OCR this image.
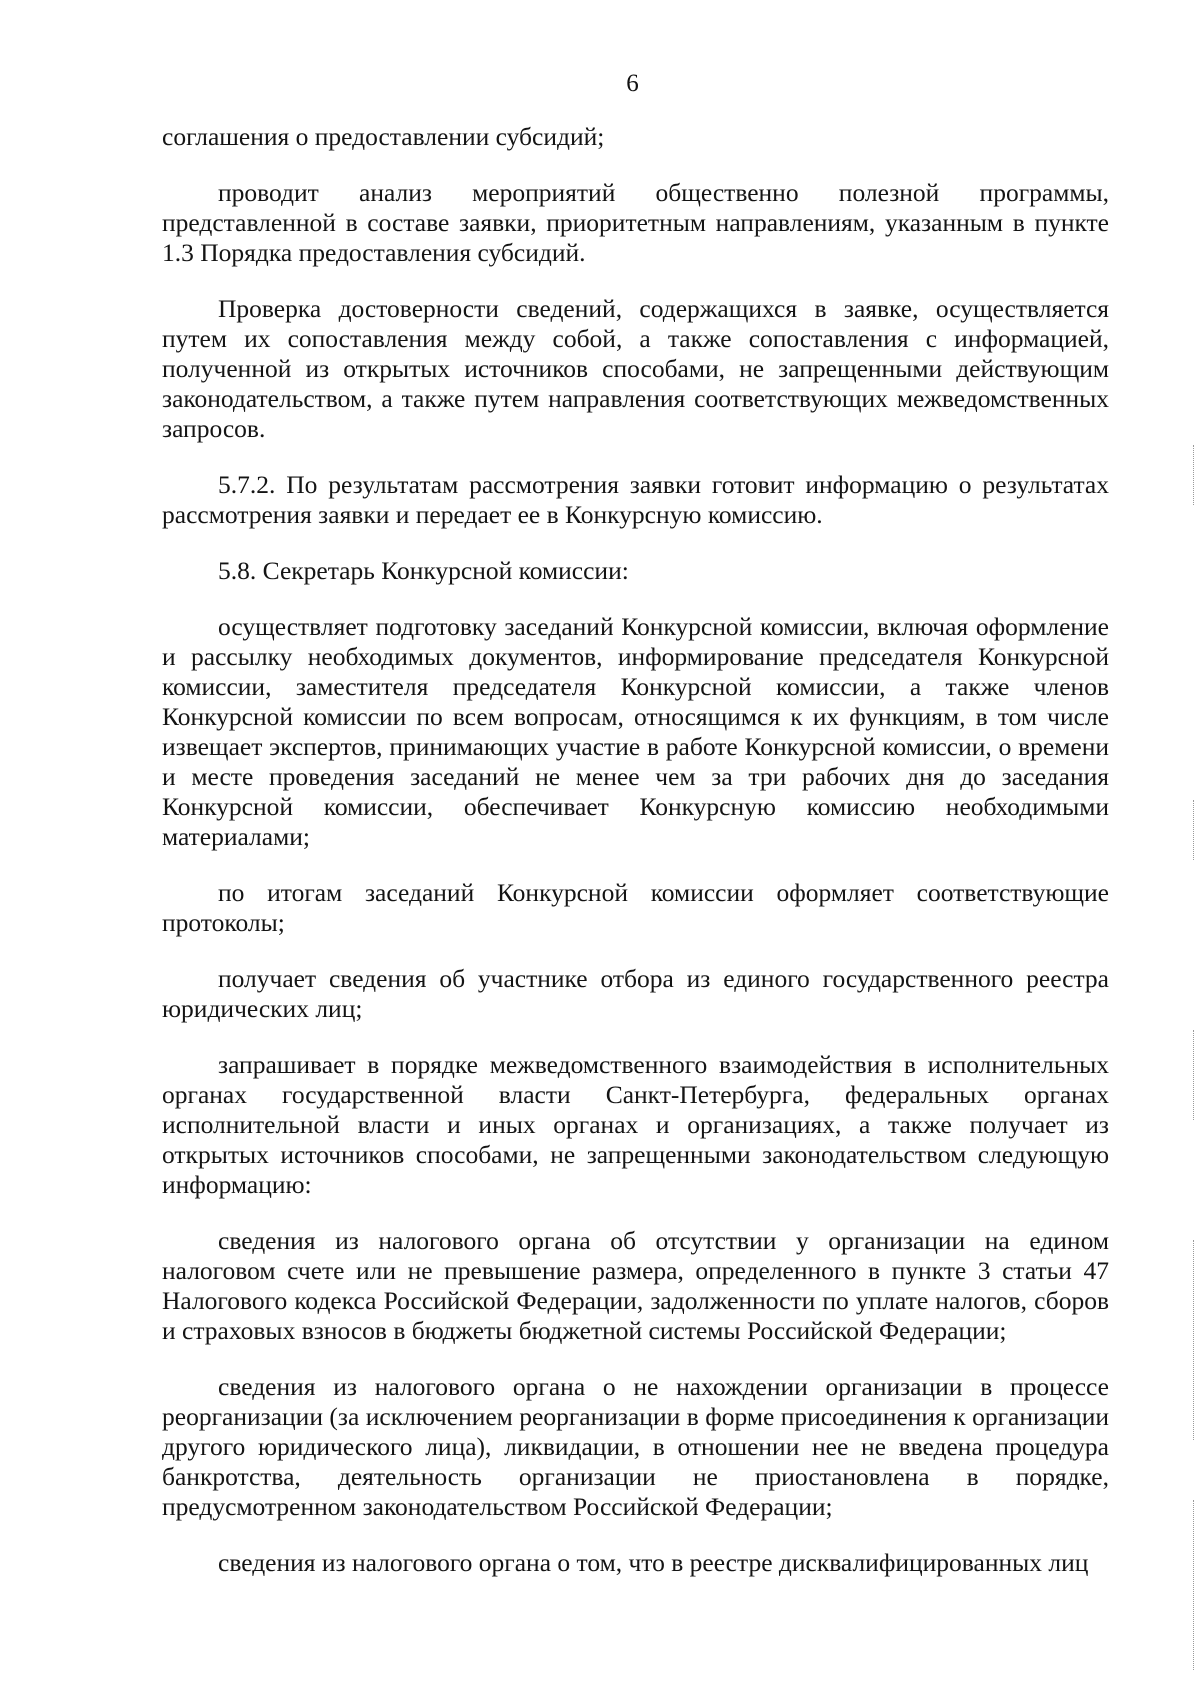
6

соглашения о предоставлении субсидий;

проводит анализ мероприятий общественно полезной программы, представленной в составе заявки, приоритетным направлениям, указанным в пункте 1.3 Порядка предоставления субсидий.

Проверка достоверности сведений, содержащихся в заявке, осуществляется путем их сопоставления между собой, а также сопоставления с информацией, полученной из открытых источников способами, не запрещенными действующим законодательством, а также путем направления соответствующих межведомственных запросов.

5.7.2. По результатам рассмотрения заявки готовит информацию о результатах рассмотрения заявки и передает ее в Конкурсную комиссию.

5.8. Секретарь Конкурсной комиссии:

осуществляет подготовку заседаний Конкурсной комиссии, включая оформление и рассылку необходимых документов, информирование председателя Конкурсной комиссии, заместителя председателя Конкурсной комиссии, а также членов Конкурсной комиссии по всем вопросам, относящимся к их функциям, в том числе извещает экспертов, принимающих участие в работе Конкурсной комиссии, о времени и месте проведения заседаний не менее чем за три рабочих дня до заседания Конкурсной комиссии, обеспечивает Конкурсную комиссию необходимыми материалами;

по итогам заседаний Конкурсной комиссии оформляет соответствующие протоколы;

получает сведения об участнике отбора из единого государственного реестра юридических лиц;

запрашивает в порядке межведомственного взаимодействия в исполнительных органах государственной власти Санкт-Петербурга, федеральных органах исполнительной власти и иных органах и организациях, а также получает из открытых источников способами, не запрещенными законодательством следующую информацию:

сведения из налогового органа об отсутствии у организации на едином налоговом счете или не превышение размера, определенного в пункте 3 статьи 47 Налогового кодекса Российской Федерации, задолженности по уплате налогов, сборов и страховых взносов в бюджеты бюджетной системы Российской Федерации;

сведения из налогового органа о не нахождении организации в процессе реорганизации (за исключением реорганизации в форме присоединения к организации другого юридического лица), ликвидации, в отношении нее не введена процедура банкротства, деятельность организации не приостановлена в порядке, предусмотренном законодательством Российской Федерации;

сведения из налогового органа о том, что в реестре дисквалифицированных лиц
